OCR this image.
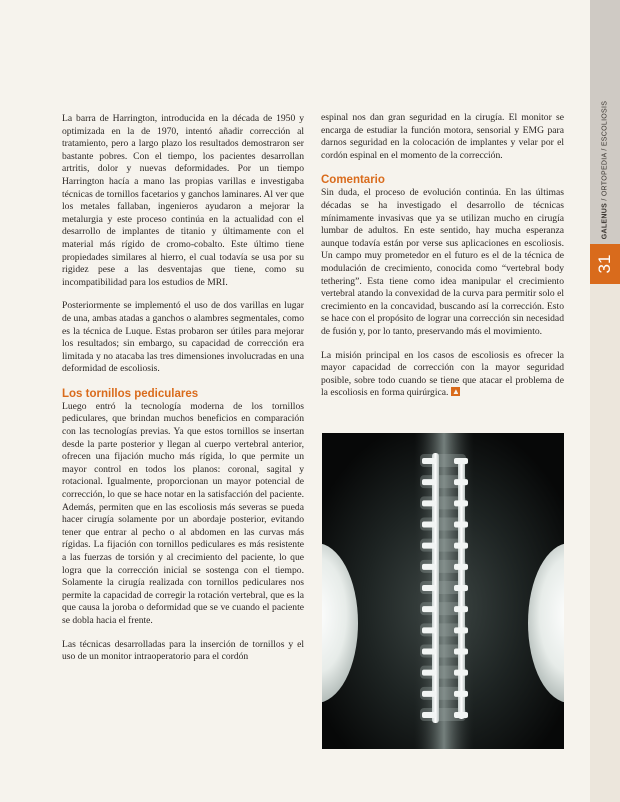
GALENUS / ORTOPEDIA / ESCOLIOSIS
31

La barra de Harrington, introducida en la década de 1950 y optimizada en la de 1970, intentó añadir corrección al tratamiento, pero a largo plazo los resultados demostraron ser bastante pobres. Con el tiempo, los pacientes desarrollan artritis, dolor y nuevas deformidades. Por un tiempo Harrington hacía a mano las propias varillas e investigaba técnicas de tornillos facetarios y ganchos laminares. Al ver que los metales fallaban, ingenieros ayudaron a mejorar la metalurgia y este proceso continúa en la actualidad con el desarrollo de implantes de titanio y últimamente con el material más rígido de cromo-cobalto. Este último tiene propiedades similares al hierro, el cual todavía se usa por su rigidez pese a las desventajas que tiene, como su incompatibilidad para los estudios de MRI.

Posteriormente se implementó el uso de dos varillas en lugar de una, ambas atadas a ganchos o alambres segmentales, como es la técnica de Luque. Estas probaron ser útiles para mejorar los resultados; sin embargo, su capacidad de corrección era limitada y no atacaba las tres dimensiones involucradas en una deformidad de escoliosis.

Los tornillos pediculares

Luego entró la tecnología moderna de los tornillos pediculares, que brindan muchos beneficios en comparación con las tecnologías previas. Ya que estos tornillos se insertan desde la parte posterior y llegan al cuerpo vertebral anterior, ofrecen una fijación mucho más rígida, lo que permite un mayor control en todos los planos: coronal, sagital y rotacional. Igualmente, proporcionan un mayor potencial de corrección, lo que se hace notar en la satisfacción del paciente. Además, permiten que en las escoliosis más severas se pueda hacer cirugía solamente por un abordaje posterior, evitando tener que entrar al pecho o al abdomen en las curvas más rígidas. La fijación con tornillos pediculares es más resistente a las fuerzas de torsión y al crecimiento del paciente, lo que logra que la corrección inicial se sostenga con el tiempo. Solamente la cirugía realizada con tornillos pediculares nos permite la capacidad de corregir la rotación vertebral, que es la que causa la joroba o deformidad que se ve cuando el paciente se dobla hacia el frente.

Las técnicas desarrolladas para la inserción de tornillos y el uso de un monitor intraoperatorio para el cordón

espinal nos dan gran seguridad en la cirugía. El monitor se encarga de estudiar la función motora, sensorial y EMG para darnos seguridad en la colocación de implantes y velar por el cordón espinal en el momento de la corrección.

Comentario

Sin duda, el proceso de evolución continúa. En las últimas décadas se ha investigado el desarrollo de técnicas mínimamente invasivas que ya se utilizan mucho en cirugía lumbar de adultos. En este sentido, hay mucha esperanza aunque todavía están por verse sus aplicaciones en escoliosis. Un campo muy prometedor en el futuro es el de la técnica de modulación de crecimiento, conocida como “vertebral body tethering”. Esta tiene como idea manipular el crecimiento vertebral atando la convexidad de la curva para permitir solo el crecimiento en la concavidad, buscando así la corrección. Esto se hace con el propósito de lograr una corrección sin necesidad de fusión y, por lo tanto, preservando más el movimiento.

La misión principal en los casos de escoliosis es ofrecer la mayor capacidad de corrección con la mayor seguridad posible, sobre todo cuando se tiene que atacar el problema de la escoliosis en forma quirúrgica.
